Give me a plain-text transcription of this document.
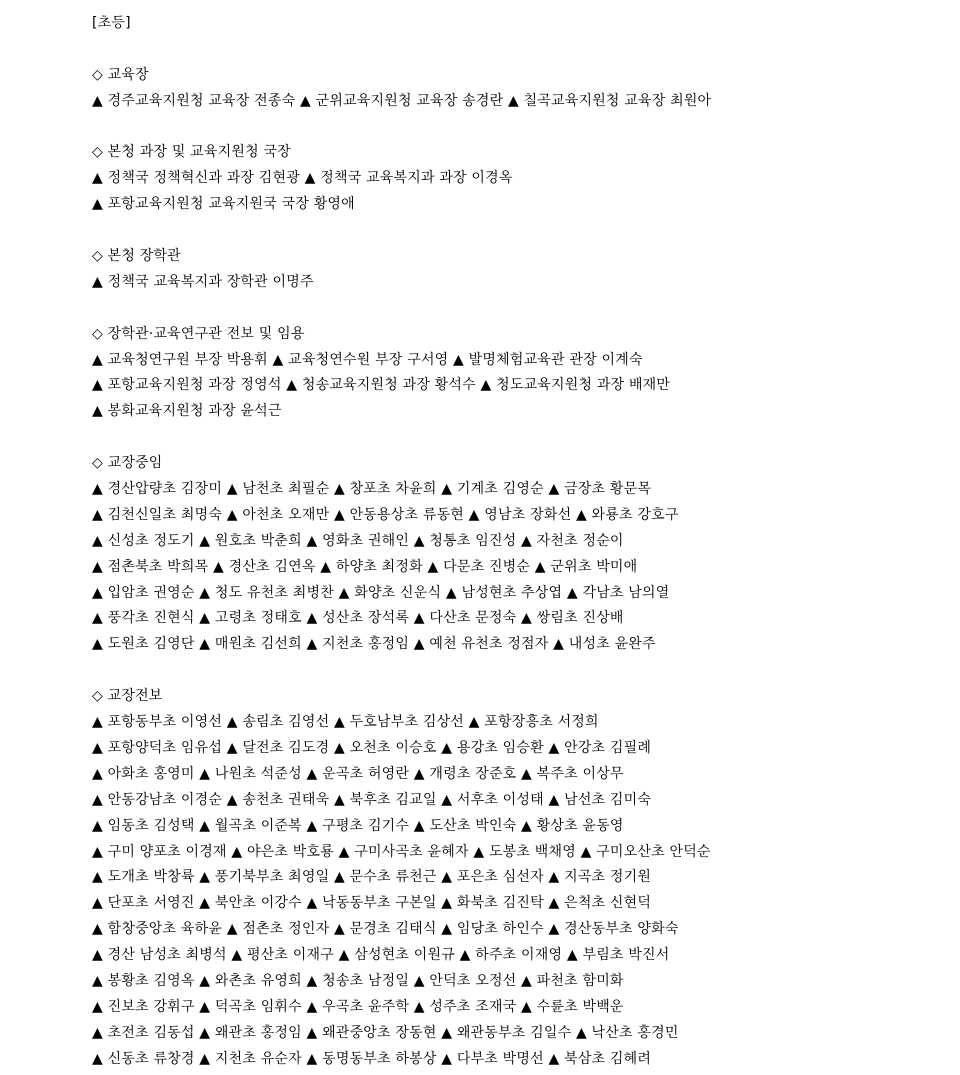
[초등]
◇ 교육장
▲ 경주교육지원청 교육장 전종숙 ▲ 군위교육지원청 교육장 송경란 ▲ 칠곡교육지원청 교육장 최원아
◇ 본청 과장 및 교육지원청 국장
▲ 정책국 정책혁신과 과장 김현광 ▲ 정책국 교육복지과 과장 이경옥
▲ 포항교육지원청 교육지원국 국장 황영애
◇ 본청 장학관
▲ 정책국 교육복지과 장학관 이명주
◇ 장학관·교육연구관 전보 및 임용
▲ 교육청연구원 부장 박용휘 ▲ 교육청연수원 부장 구서영 ▲ 발명체험교육관 관장 이계숙
▲ 포항교육지원청 과장 정영석 ▲ 청송교육지원청 과장 황석수 ▲ 청도교육지원청 과장 배재만
▲ 봉화교육지원청 과장 윤석근
◇ 교장중임
▲ 경산압량초 김장미 ▲ 남천초 최필순 ▲ 창포초 차윤희 ▲ 기계초 김영순 ▲ 금장초 황문목
▲ 김천신일초 최명숙 ▲ 아천초 오재만 ▲ 안동용상초 류동현 ▲ 영남초 장화선 ▲ 와룡초 강호구
▲ 신성초 정도기 ▲ 원호초 박춘희 ▲ 영화초 권해인 ▲ 청통초 임진성 ▲ 자천초 정순이
▲ 점촌북초 박희목 ▲ 경산초 김연옥 ▲ 하양초 최정화 ▲ 다문초 진병순 ▲ 군위초 박미애
▲ 입암초 권영순 ▲ 청도 유천초 최병찬 ▲ 화양초 신운식 ▲ 남성현초 추상엽 ▲ 각남초 남의열
▲ 풍각초 진현식 ▲ 고령초 정태호 ▲ 성산초 장석록 ▲ 다산초 문정숙 ▲ 쌍림초 진상배
▲ 도원초 김영단 ▲ 매원초 김선희 ▲ 지천초 홍정임 ▲ 예천 유천초 정점자 ▲ 내성초 윤완주
◇ 교장전보
▲ 포항동부초 이영선 ▲ 송림초 김영선 ▲ 두호남부초 김상선 ▲ 포항장흥초 서정희
▲ 포항양덕초 임유섭 ▲ 달전초 김도경 ▲ 오천초 이승호 ▲ 용강초 임승환 ▲ 안강초 김필례
▲ 아화초 홍영미 ▲ 나원초 석준성 ▲ 운곡초 허영란 ▲ 개령초 장준호 ▲ 복주초 이상무
▲ 안동강남초 이경순 ▲ 송천초 권태욱 ▲ 북후초 김교일 ▲ 서후초 이성태 ▲ 남선초 김미숙
▲ 임동초 김성택 ▲ 월곡초 이준복 ▲ 구평초 김기수 ▲ 도산초 박인숙 ▲ 황상초 윤동영
▲ 구미 양포초 이경재 ▲ 야은초 박호룡 ▲ 구미사곡초 윤혜자 ▲ 도봉초 백채영 ▲ 구미오산초 안덕순
▲ 도개초 박창륙 ▲ 풍기북부초 최영일 ▲ 문수초 류천근 ▲ 포은초 심선자 ▲ 지곡초 정기원
▲ 단포초 서영진 ▲ 북안초 이강수 ▲ 낙동동부초 구본일 ▲ 화북초 김진탁 ▲ 은척초 신현덕
▲ 함창중앙초 육하윤 ▲ 점촌초 정인자 ▲ 문경초 김태식 ▲ 임당초 하인수 ▲ 경산동부초 양화숙
▲ 경산 남성초 최병석 ▲ 평산초 이재구 ▲ 삼성현초 이원규 ▲ 하주초 이재영 ▲ 부림초 박진서
▲ 봉황초 김영옥 ▲ 와촌초 유영희 ▲ 청송초 남정일 ▲ 안덕초 오정선 ▲ 파천초 함미화
▲ 진보초 강휘구 ▲ 덕곡초 임휘수 ▲ 우곡초 윤주학 ▲ 성주초 조재국 ▲ 수륜초 박백운
▲ 초전초 김동섭 ▲ 왜관초 홍정임 ▲ 왜관중앙초 장동현 ▲ 왜관동부초 김일수 ▲ 낙산초 홍경민
▲ 신동초 류창경 ▲ 지천초 유순자 ▲ 동명동부초 하봉상 ▲ 다부초 박명선 ▲ 북삼초 김혜려
